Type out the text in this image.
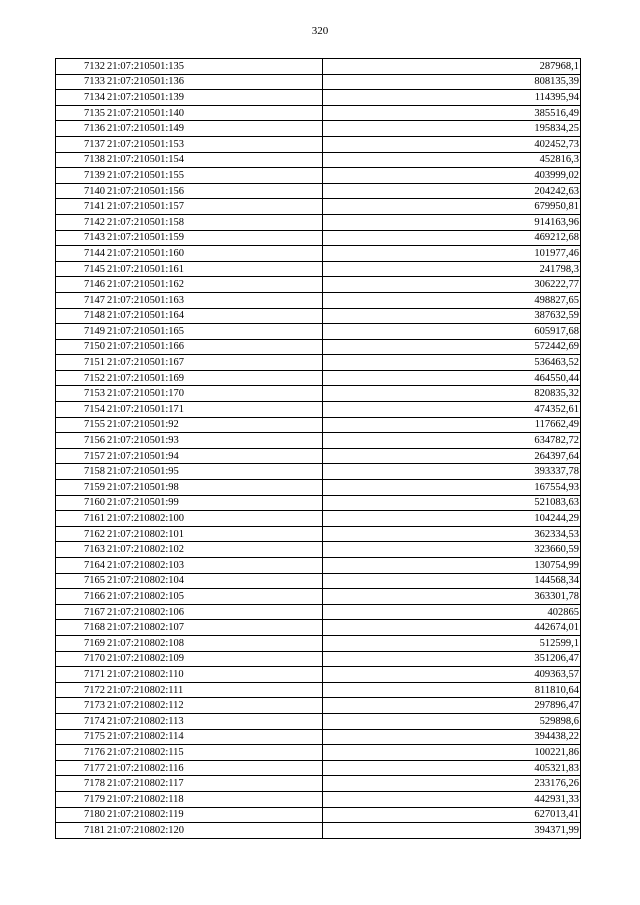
320
7132	21:07:210501:135	287968,1
7133	21:07:210501:136	808135,39
7134	21:07:210501:139	114395,94
7135	21:07:210501:140	385516,49
7136	21:07:210501:149	195834,25
7137	21:07:210501:153	402452,73
7138	21:07:210501:154	452816,3
7139	21:07:210501:155	403999,02
7140	21:07:210501:156	204242,63
7141	21:07:210501:157	679950,81
7142	21:07:210501:158	914163,96
7143	21:07:210501:159	469212,68
7144	21:07:210501:160	101977,46
7145	21:07:210501:161	241798,3
7146	21:07:210501:162	306222,77
7147	21:07:210501:163	498827,65
7148	21:07:210501:164	387632,59
7149	21:07:210501:165	605917,68
7150	21:07:210501:166	572442,69
7151	21:07:210501:167	536463,52
7152	21:07:210501:169	464550,44
7153	21:07:210501:170	820835,32
7154	21:07:210501:171	474352,61
7155	21:07:210501:92	117662,49
7156	21:07:210501:93	634782,72
7157	21:07:210501:94	264397,64
7158	21:07:210501:95	393337,78
7159	21:07:210501:98	167554,93
7160	21:07:210501:99	521083,63
7161	21:07:210802:100	104244,29
7162	21:07:210802:101	362334,53
7163	21:07:210802:102	323660,59
7164	21:07:210802:103	130754,99
7165	21:07:210802:104	144568,34
7166	21:07:210802:105	363301,78
7167	21:07:210802:106	402865
7168	21:07:210802:107	442674,01
7169	21:07:210802:108	512599,1
7170	21:07:210802:109	351206,47
7171	21:07:210802:110	409363,57
7172	21:07:210802:111	811810,64
7173	21:07:210802:112	297896,47
7174	21:07:210802:113	529898,6
7175	21:07:210802:114	394438,22
7176	21:07:210802:115	100221,86
7177	21:07:210802:116	405321,83
7178	21:07:210802:117	233176,26
7179	21:07:210802:118	442931,33
7180	21:07:210802:119	627013,41
7181	21:07:210802:120	394371,99
